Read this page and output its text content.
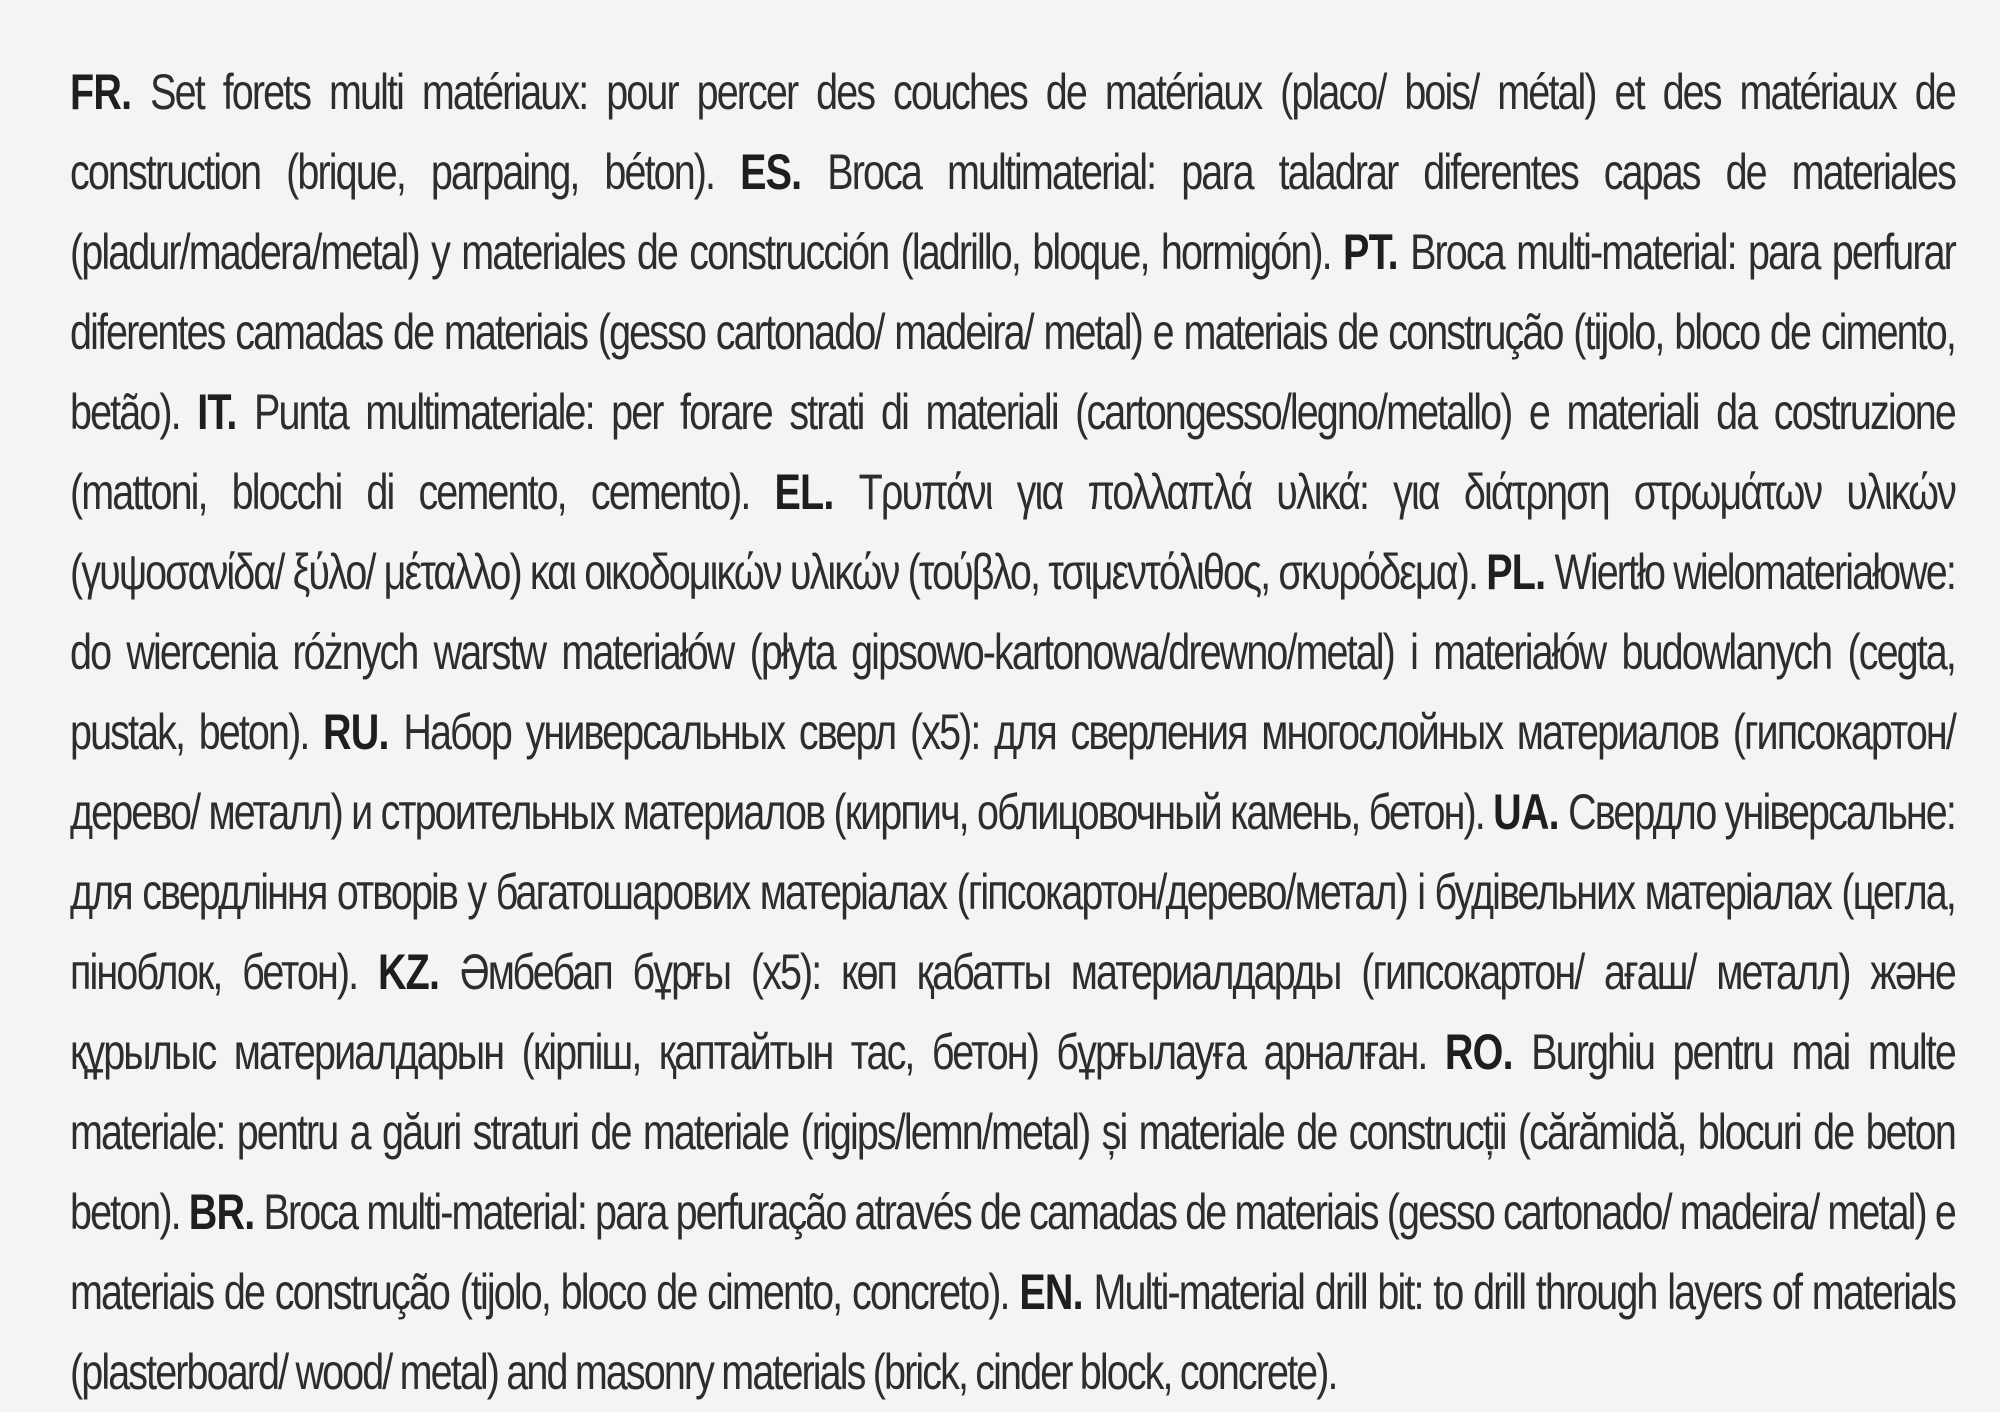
FR. Set forets multi matériaux: pour percer des couches de matériaux (placo/ bois/ métal) et des matériaux de construction (brique, parpaing, béton). ES. Broca multimaterial: para taladrar diferentes capas de materiales (pladur/madera/metal) y materiales de construcción (ladrillo, bloque, hormigón). PT. Broca multi-material: para perfurar diferentes camadas de materiais (gesso cartonado/ madeira/ metal) e materiais de construção (tijolo, bloco de cimento, betão). IT. Punta multimateriale: per forare strati di materiali (cartongesso/legno/metallo) e materiali da costruzione (mattoni, blocchi di cemento, cemento). EL. Τρυπάνι για πολλαπλά υλικά: για διάτρηση στρωμάτων υλικών (γυψοσανίδα/ ξύλο/ μέταλλο) και οικοδομικών υλικών (τούβλο, τσιμεντόλιθος, σκυρόδεμα). PL. Wiertło wielomateriałowe: do wiercenia różnych warstw materiałów (płyta gipsowo-kartonowa/drewno/metal) i materiałów budowlanych (cegta, pustak, beton). RU. Набор универсальных сверл (x5): для сверления многослойных материалов (гипсокартон/ дерево/ металл) и строительных материалов (кирпич, облицовочный камень, бетон). UA. Свердло універсальне: для свердління отворів у багатошарових матеріалах (гіпсокартон/дерево/метал) і будівельних матеріалах (цегла, піноблок, бетон). KZ. Әмбебап бұрғы (x5): көп қабатты материалдарды (гипсокартон/ ағаш/ металл) және құрылыс материалдарын (кірпіш, қаптайтын тас, бетон) бұрғылауға арналған. RO. Burghiu pentru mai multe materiale: pentru a găuri straturi de materiale (rigips/lemn/metal) și materiale de construcții (cărămidă, blocuri de beton beton). BR. Broca multi-material: para perfuração através de camadas de materiais (gesso cartonado/ madeira/ metal) e materiais de construção (tijolo, bloco de cimento, concreto). EN. Multi-material drill bit: to drill through layers of materials (plasterboard/ wood/ metal) and masonry materials (brick, cinder block, concrete).
